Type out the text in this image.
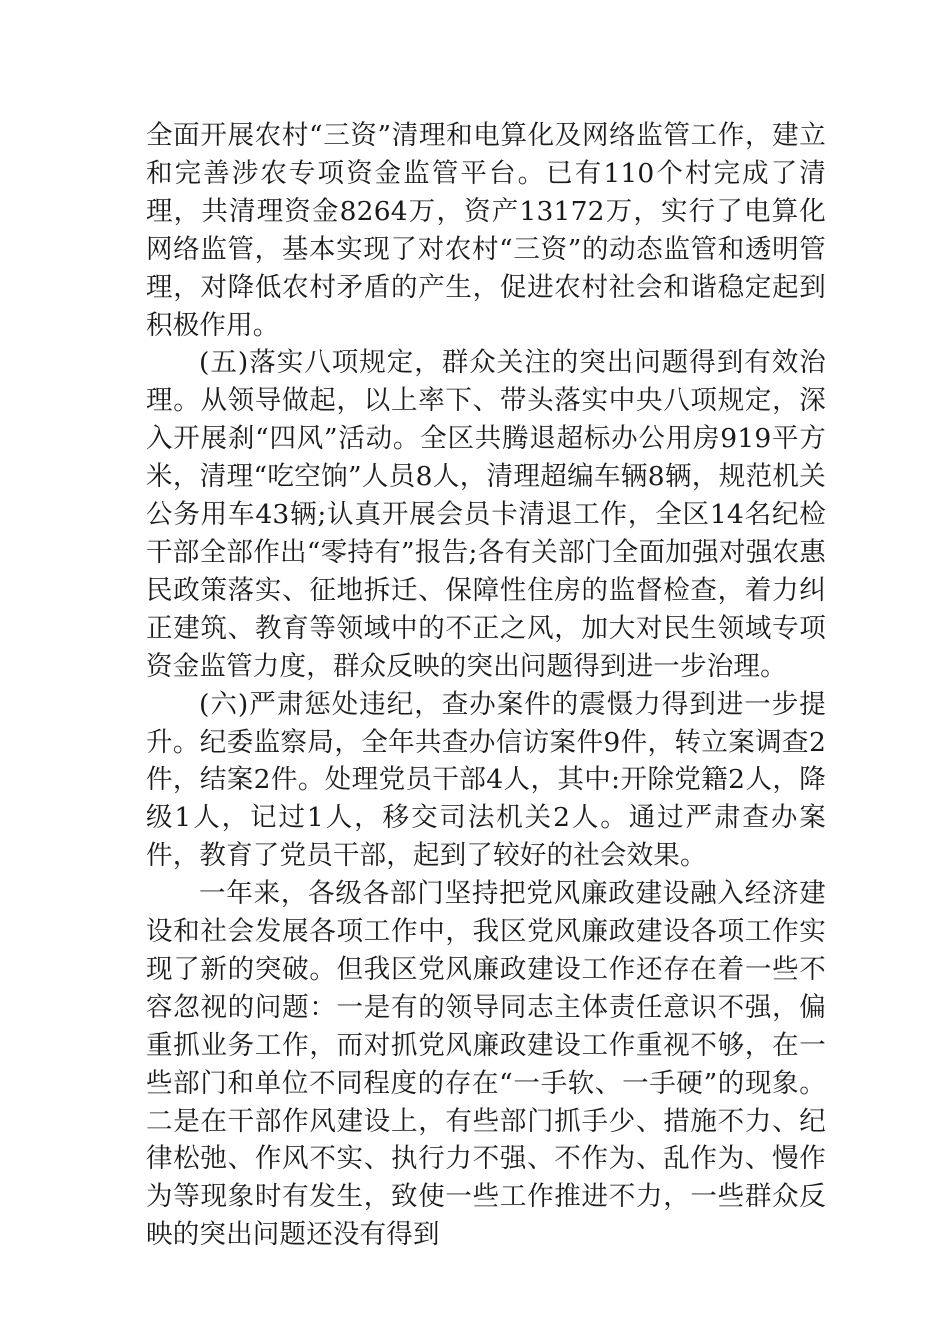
全面开展农村“三资”清理和电算化及网络监管工作，建立和完善涉农专项资金监管平台。已有110个村完成了清理，共清理资金8264万，资产13172万，实行了电算化网络监管，基本实现了对农村“三资”的动态监管和透明管理，对降低农村矛盾的产生，促进农村社会和谐稳定起到积极作用。

(五)落实八项规定，群众关注的突出问题得到有效治理。从领导做起，以上率下、带头落实中央八项规定，深入开展刹“四风”活动。全区共腾退超标办公用房919平方米，清理“吃空饷”人员8人，清理超编车辆8辆，规范机关公务用车43辆;认真开展会员卡清退工作，全区14名纪检干部全部作出“零持有”报告;各有关部门全面加强对强农惠民政策落实、征地拆迁、保障性住房的监督检查，着力纠正建筑、教育等领域中的不正之风，加大对民生领域专项资金监管力度，群众反映的突出问题得到进一步治理。

(六)严肃惩处违纪，查办案件的震慑力得到进一步提升。纪委监察局，全年共查办信访案件9件，转立案调查2件，结案2件。处理党员干部4人，其中:开除党籍2人，降级1人，记过1人，移交司法机关2人。通过严肃查办案件，教育了党员干部，起到了较好的社会效果。

一年来，各级各部门坚持把党风廉政建设融入经济建设和社会发展各项工作中，我区党风廉政建设各项工作实现了新的突破。但我区党风廉政建设工作还存在着一些不容忽视的问题：一是有的领导同志主体责任意识不强，偏重抓业务工作，而对抓党风廉政建设工作重视不够，在一些部门和单位不同程度的存在“一手软、一手硬”的现象。二是在干部作风建设上，有些部门抓手少、措施不力、纪律松弛、作风不实、执行力不强、不作为、乱作为、慢作为等现象时有发生，致使一些工作推进不力，一些群众反映的突出问题还没有得到
